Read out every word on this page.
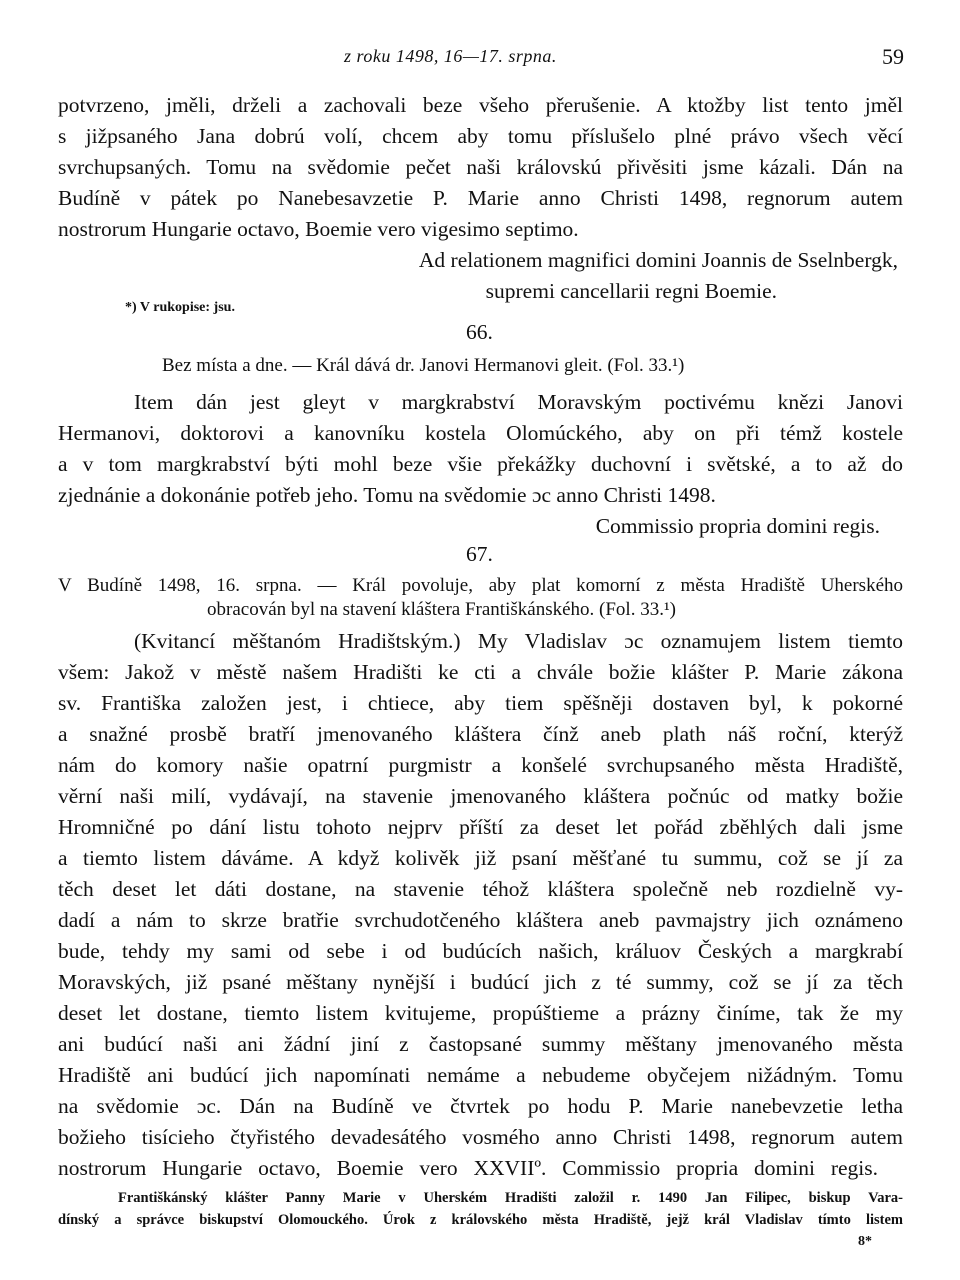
z roku 1498, 16—17. srpna.	59
potvrzeno, jměli, drželi a zachovali beze všeho přerušenie. A ktožby list tento jměl
s jižpsaného Jana dobrú volí, chcem aby tomu příslušelo plné právo všech věcí
svrchupsaných. Tomu na svědomie pečet naši královskú přivěsiti jsme kázali. Dán na
Budíně v pátek po Nanebesavzetie P. Marie anno Christi 1498, regnorum autem
nostrorum Hungarie octavo, Boemie vero vigesimo septimo.
Ad relationem magnifici domini Joannis de Sselnbergk,
supremi cancellarii regni Boemie.
*) V rukopise: jsu.
66.
Bez místa a dne. — Král dává dr. Janovi Hermanovi gleit. (Fol. 33.¹)
Item dán jest gleyt v margkrabství Moravským poctivému knězi Janovi
Hermanovi, doktorovi a kanovníku kostela Olomúckého, aby on při témž kostele
a v tom margkrabství býti mohl beze všie překážky duchovní i světské, a to až do
zjednánie a dokonánie potřeb jeho. Tomu na svědomie ɔc anno Christi 1498.
Commissio propria domini regis.
67.
V Budíně 1498, 16. srpna. — Král povoluje, aby plat komorní z města Hradiště Uherského
obracován byl na stavení kláštera Františkánského. (Fol. 33.¹)
(Kvitancí měštanóm Hradištským.) My Vladislav ɔc oznamujem listem tiemto
všem: Jakož v městě našem Hradišti ke cti a chvále božie klášter P. Marie zákona
sv. Františka založen jest, i chtiece, aby tiem spěšněji dostaven byl, k pokorné
a snažné prosbě bratří jmenovaného kláštera čínž aneb plath náš roční, kterýž
nám do komory našie opatrní purgmistr a konšelé svrchupsaného města Hradiště,
věrní naši milí, vydávají, na stavenie jmenovaného kláštera počnúc od matky božie
Hromničné po dání listu tohoto nejprv příští za deset let pořád zběhlých dali jsme
a tiemto listem dáváme. A když kolivěk již psaní měšťané tu summu, což se jí za
těch deset let dáti dostane, na stavenie téhož kláštera společně neb rozdielně vy-
dadí a nám to skrze bratřie svrchudotčeného kláštera aneb pavmajstry jich oznámeno
bude, tehdy my sami od sebe i od budúcích našich, králuov Českých a margkrabí
Moravských, již psané měštany nynější i budúcí jich z té summy, což se jí za těch
deset let dostane, tiemto listem kvitujeme, propúštieme a prázny činíme, tak že my
ani budúcí naši ani žádní jiní z častopsané summy měštany jmenovaného města
Hradiště ani budúcí jich napomínati nemáme a nebudeme obyčejem nižádným. Tomu
na svědomie ɔc. Dán na Budíně ve čtvrtek po hodu P. Marie nanebevzetie letha
božieho tisícieho čtyřistého devadesátého vosmého anno Christi 1498, regnorum autem
nostrorum Hungarie octavo, Boemie vero XXVIIº. Commissio propria domini regis.
Františkánský klášter Panny Marie v Uherském Hradišti založil r. 1490 Jan Filipec, biskup Vara-
dínský a správce biskupství Olomouckého. Úrok z královského města Hradiště, jejž král Vladislav tímto listem
8*
